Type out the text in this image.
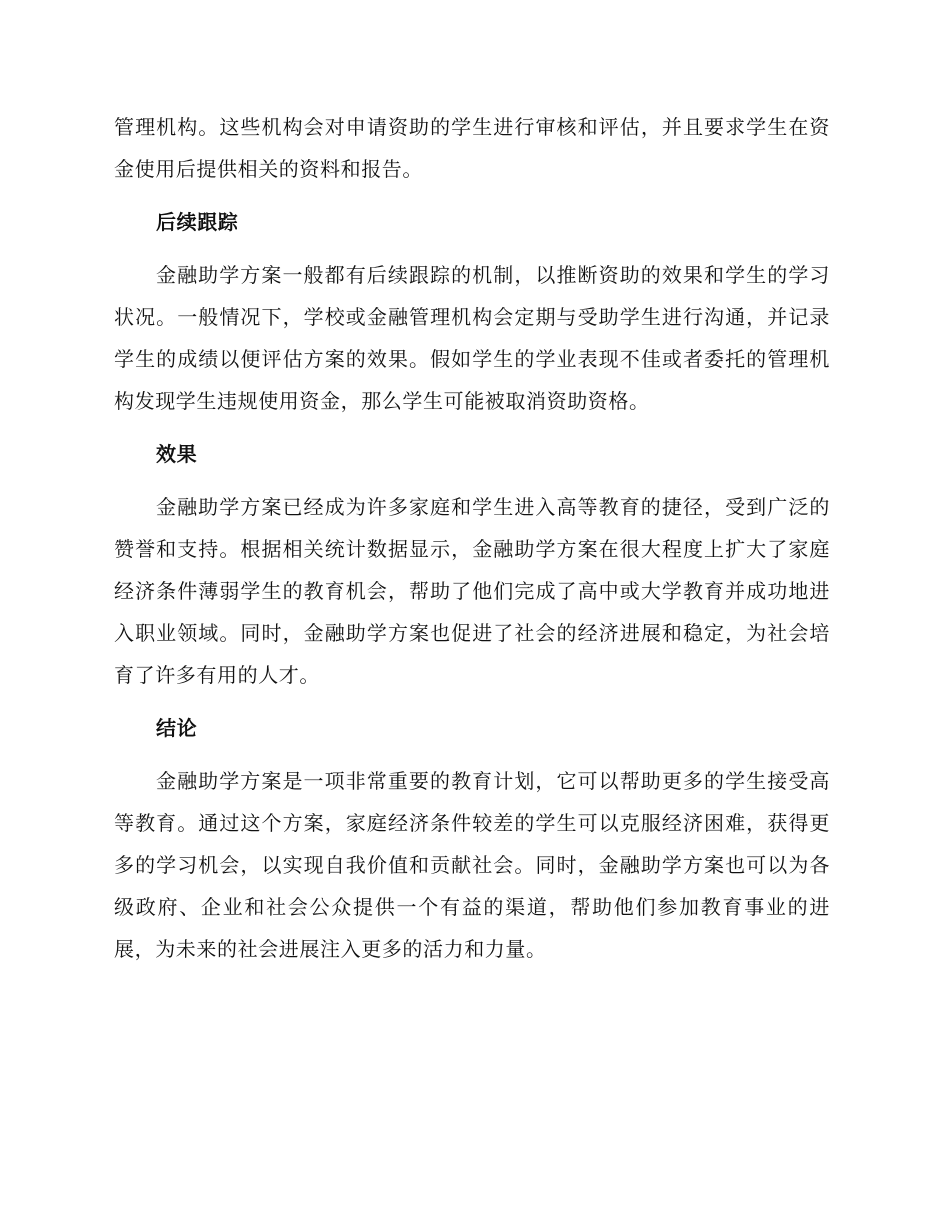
管理机构。这些机构会对申请资助的学生进行审核和评估，并且要求学生在资金使用后提供相关的资料和报告。

后续跟踪

金融助学方案一般都有后续跟踪的机制，以推断资助的效果和学生的学习状况。一般情况下，学校或金融管理机构会定期与受助学生进行沟通，并记录学生的成绩以便评估方案的效果。假如学生的学业表现不佳或者委托的管理机构发现学生违规使用资金，那么学生可能被取消资助资格。

效果

金融助学方案已经成为许多家庭和学生进入高等教育的捷径，受到广泛的赞誉和支持。根据相关统计数据显示，金融助学方案在很大程度上扩大了家庭经济条件薄弱学生的教育机会，帮助了他们完成了高中或大学教育并成功地进入职业领域。同时，金融助学方案也促进了社会的经济进展和稳定，为社会培育了许多有用的人才。

结论

金融助学方案是一项非常重要的教育计划，它可以帮助更多的学生接受高等教育。通过这个方案，家庭经济条件较差的学生可以克服经济困难，获得更多的学习机会，以实现自我价值和贡献社会。同时，金融助学方案也可以为各级政府、企业和社会公众提供一个有益的渠道，帮助他们参加教育事业的进展，为未来的社会进展注入更多的活力和力量。
